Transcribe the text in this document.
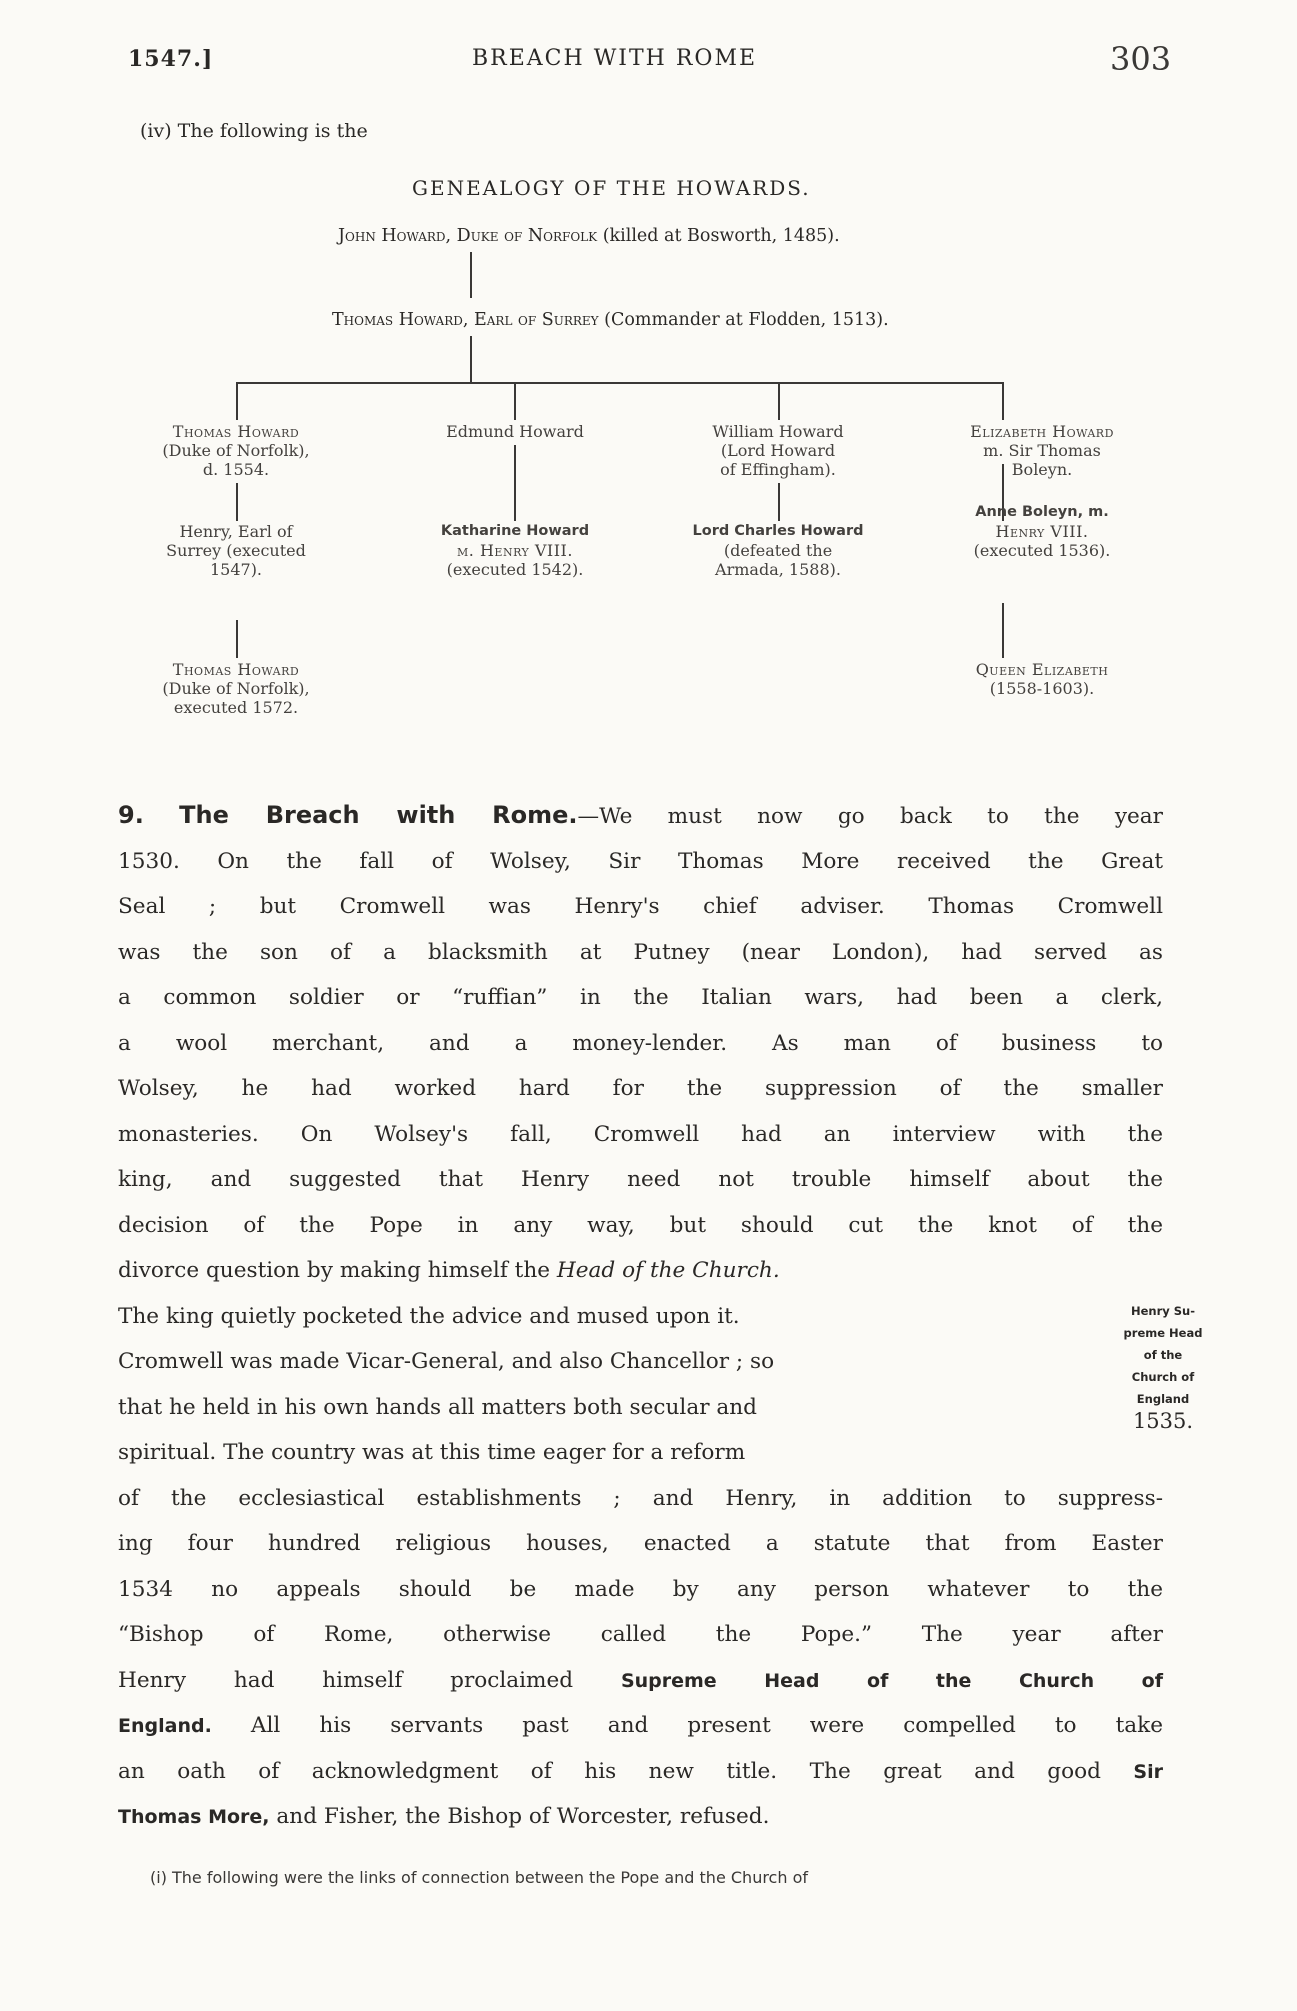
1547.]	BREACH WITH ROME	303
(iv) The following is the
GENEALOGY OF THE HOWARDS.
John Howard, Duke of Norfolk (killed at Bosworth, 1485).
Thomas Howard, Earl of Surrey (Commander at Flodden, 1513).
Thomas Howard
(Duke of Norfolk),
d. 1554.
Edmund Howard	William Howard
(Lord Howard
of Effingham).
Elizabeth Howard
m. Sir Thomas
Boleyn.
Henry, Earl of
Surrey (executed
1547).
Katharine Howard
m. Henry VIII.
(executed 1542).
Lord Charles Howard
(defeated the
Armada, 1588).
Anne Boleyn, m.
Henry VIII.
(executed 1536).
Thomas Howard
(Duke of Norfolk),
executed 1572.
Queen Elizabeth
(1558-1603).
9. The Breach with Rome.—We must now go back to the year
1530. On the fall of Wolsey, Sir Thomas More received the Great
Seal ; but Cromwell was Henry's chief adviser. Thomas Cromwell
was the son of a blacksmith at Putney (near London), had served as
a common soldier or “ruffian” in the Italian wars, had been a clerk,
a wool merchant, and a money-lender. As man of business to
Wolsey, he had worked hard for the suppression of the smaller
monasteries. On Wolsey's fall, Cromwell had an interview with the
king, and suggested that Henry need not trouble himself about the
decision of the Pope in any way, but should cut the knot of the
divorce question by making himself the Head of the Church.
The king quietly pocketed the advice and mused upon it.
Cromwell was made Vicar-General, and also Chancellor ; so
that he held in his own hands all matters both secular and
spiritual. The country was at this time eager for a reform
of the ecclesiastical establishments ; and Henry, in addition to suppress-
ing four hundred religious houses, enacted a statute that from Easter
1534 no appeals should be made by any person whatever to the
“Bishop of Rome, otherwise called the Pope.” The year after
Henry had himself proclaimed	Supreme Head of the Church of
England. All his servants past and present were compelled to take
an oath of acknowledgment of his new title. The great and good Sir
Thomas More, and Fisher, the Bishop of Worcester, refused.
Henry Su-
preme Head
of the
Church of
England
1535.
(i) The following were the links of connection between the Pope and the Church of
